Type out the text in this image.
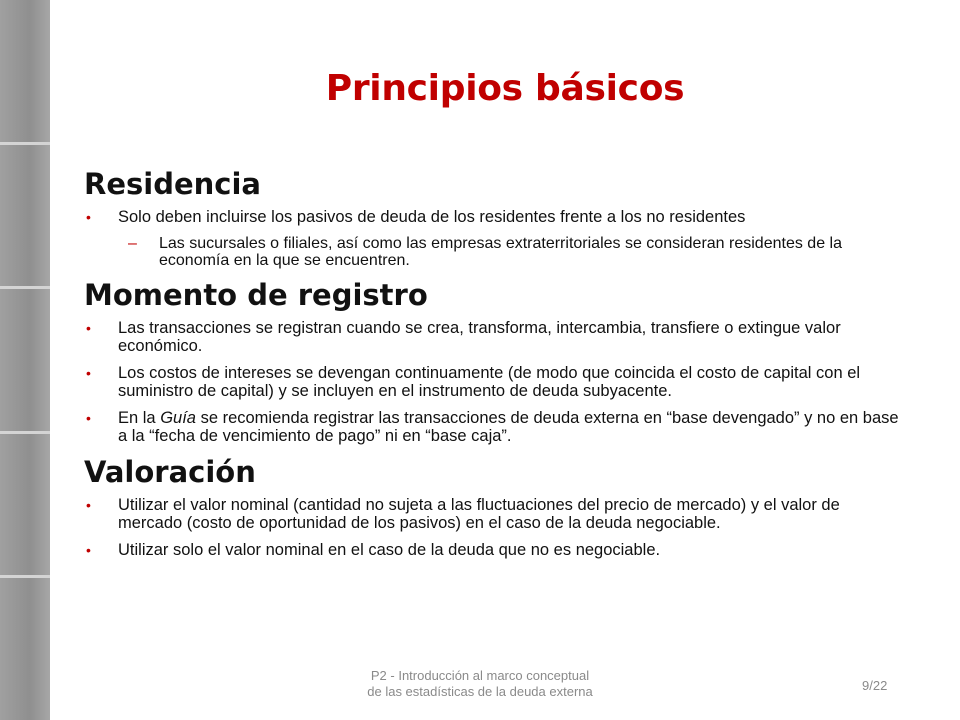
Principios básicos
Residencia
• Solo deben incluirse los pasivos de deuda de los residentes frente a los no residentes
– Las sucursales o filiales, así como las empresas extraterritoriales se consideran residentes de la economía en la que se encuentren.
Momento de registro
• Las transacciones se registran cuando se crea, transforma, intercambia, transfiere o extingue valor económico.
• Los costos de intereses se devengan continuamente (de modo que coincida el costo de capital con el suministro de capital) y se incluyen en el instrumento de deuda subyacente.
• En la Guía se recomienda registrar las transacciones de deuda externa en “base devengado” y no en base a la “fecha de vencimiento de pago” ni en “base caja”.
Valoración
• Utilizar el valor nominal (cantidad no sujeta a las fluctuaciones del precio de mercado) y el valor de mercado (costo de oportunidad de los pasivos) en el caso de la deuda negociable.
• Utilizar solo el valor nominal en el caso de la deuda que no es negociable.
P2 - Introducción al marco conceptual
de las estadísticas de la deuda externa	9/22
